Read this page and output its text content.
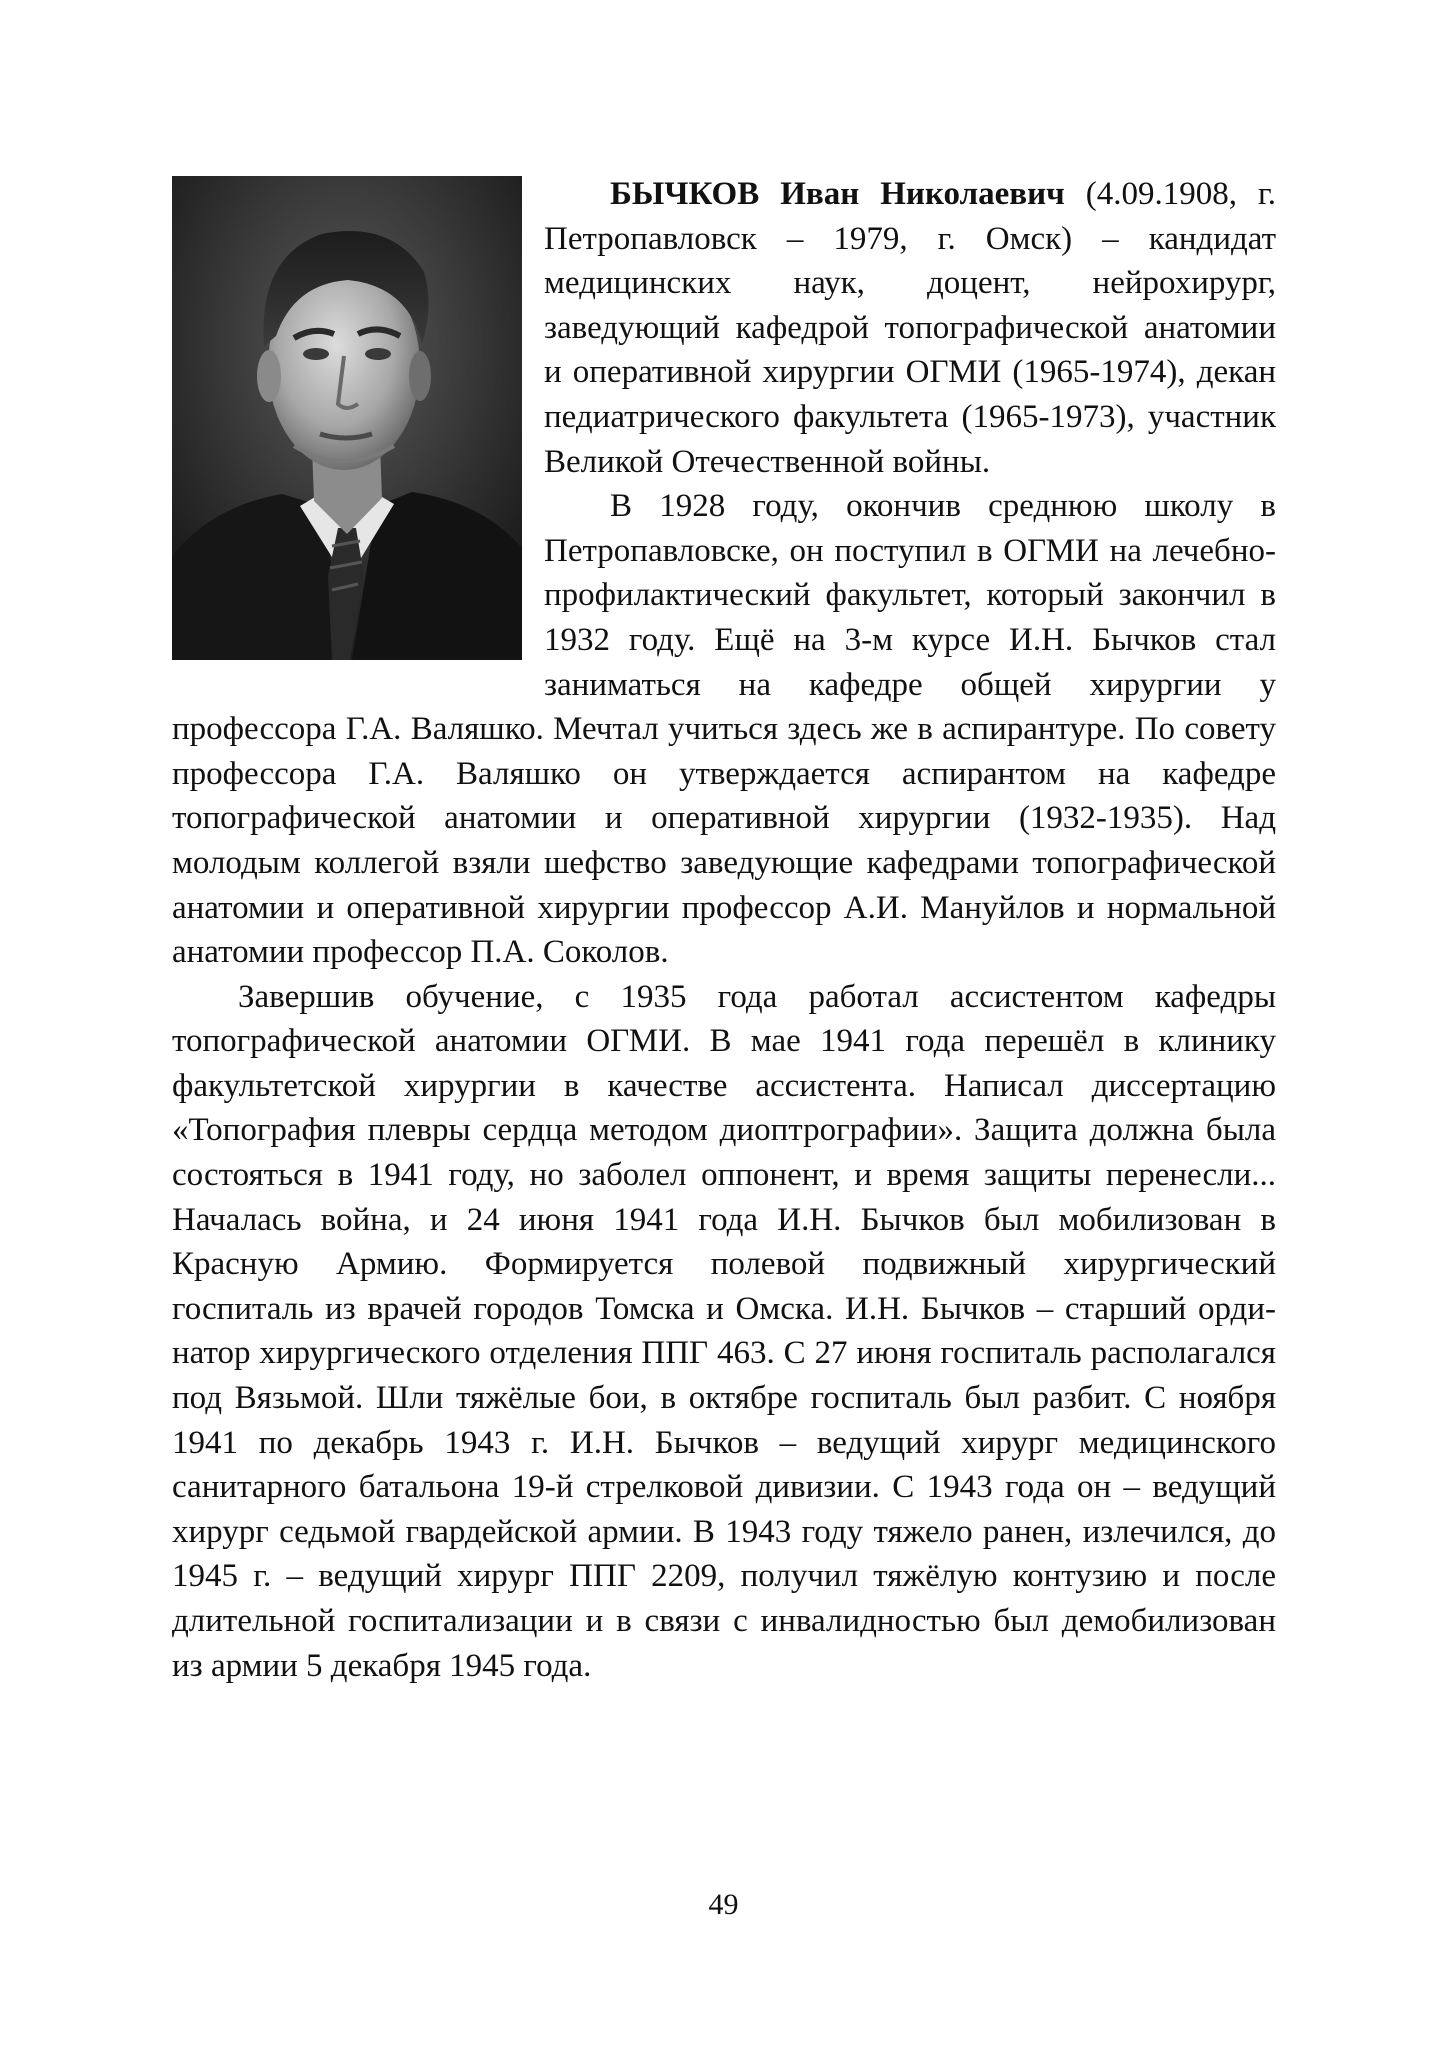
БЫЧКОВ Иван Николаевич (4.09.1908, г. Петропавловск – 1979, г. Омск) – кандидат медицинских наук, доцент, нейрохирург, заведующий кафедрой топографической анатомии и оперативной хирургии ОГМИ (1965-1974), декан педиатрического факультета (1965-1973), участник Великой Отечественной войны.

В 1928 году, окончив среднюю школу в Петропавловске, он поступил в ОГМИ на лечебно-профилактический факультет, который закончил в 1932 году. Ещё на 3-м курсе И.Н. Бычков стал заниматься на кафедре общей хирургии у профессора Г.А. Валяшко. Мечтал учиться здесь же в аспирантуре. По совету профессора Г.А. Валяшко он утверждается аспирантом на кафедре топографической анатомии и оперативной хирургии (1932-1935). Над молодым коллегой взяли шефство заведующие кафедрами топографической анатомии и оперативной хирургии профессор А.И. Мануйлов и нормальной анатомии профессор П.А. Соколов.

Завершив обучение, с 1935 года работал ассистентом кафедры топографической анатомии ОГМИ. В мае 1941 года перешёл в клинику факультетской хирургии в качестве ассистента. Написал диссертацию «Топография плевры сердца методом диоптрографии». Защита должна была состояться в 1941 году, но заболел оппонент, и время защиты перенесли... Началась война, и 24 июня 1941 года И.Н. Бычков был мобилизован в Красную Армию. Формируется полевой подвижный хирургический госпиталь из врачей городов Томска и Омска. И.Н. Бычков – старший ординатор хирургического отделения ППГ 463. С 27 июня госпиталь располагался под Вязьмой. Шли тяжёлые бои, в октябре госпиталь был разбит. С ноября 1941 по декабрь 1943 г. И.Н. Бычков – ведущий хирург медицинского санитарного батальона 19-й стрелковой дивизии. С 1943 года он – ведущий хирург седьмой гвардейской армии. В 1943 году тяжело ранен, излечился, до 1945 г. – ведущий хирург ППГ 2209, получил тяжёлую контузию и после длительной госпитализации и в связи с инвалидностью был демобилизован из армии 5 декабря 1945 года.

49
